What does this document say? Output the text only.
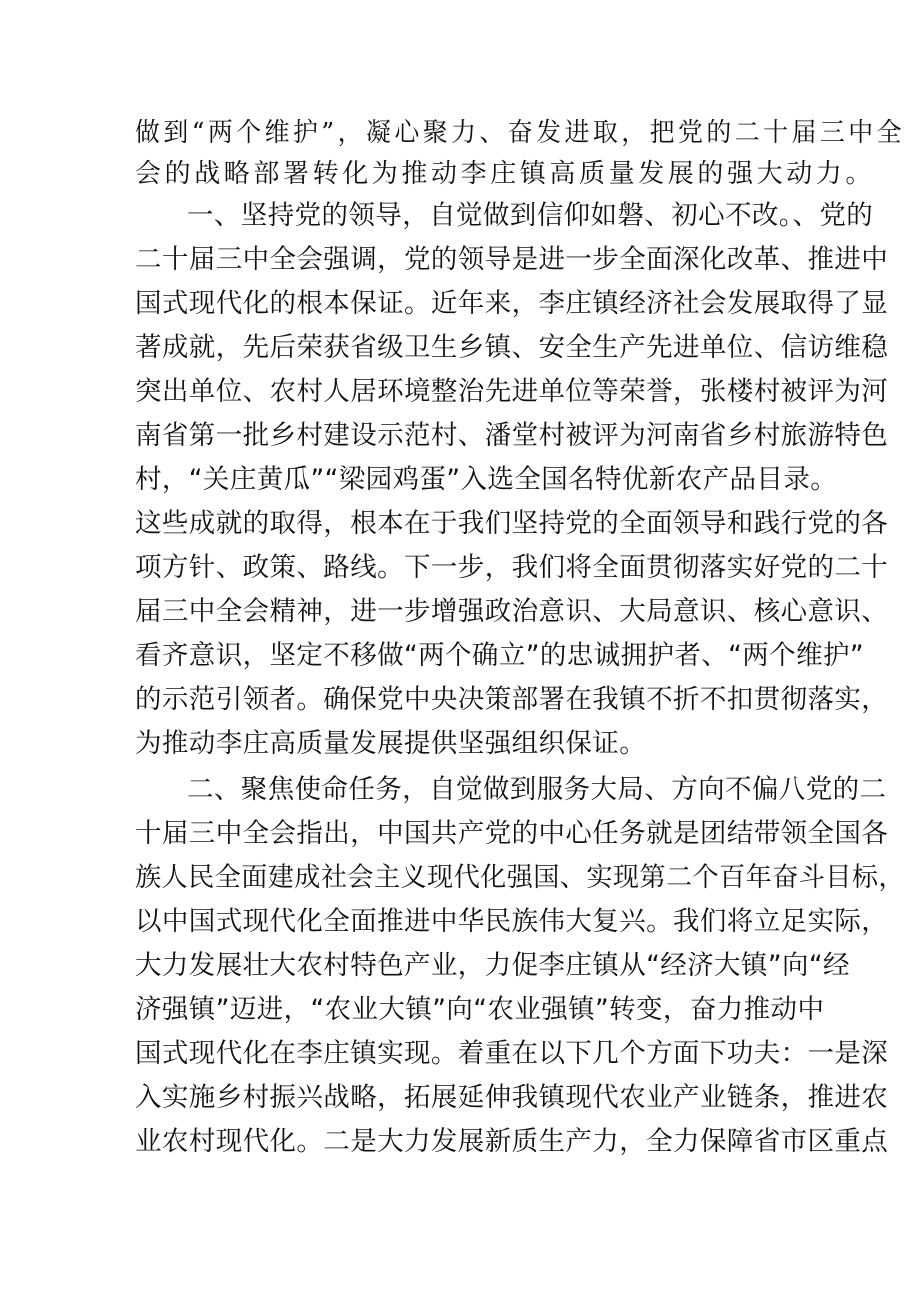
做到“两个维护”，凝心聚力、奋发进取，把党的二十届三中全
会的战略部署转化为推动李庄镇高质量发展的强大动力。
一、坚持党的领导，自觉做到信仰如磐、初心不改。、党的
二十届三中全会强调，党的领导是进一步全面深化改革、推进中
国式现代化的根本保证。近年来，李庄镇经济社会发展取得了显
著成就，先后荣获省级卫生乡镇、安全生产先进单位、信访维稳
突出单位、农村人居环境整治先进单位等荣誉，张楼村被评为河
南省第一批乡村建设示范村、潘堂村被评为河南省乡村旅游特色
村，“关庄黄瓜”“梁园鸡蛋”入选全国名特优新农产品目录。
这些成就的取得，根本在于我们坚持党的全面领导和践行党的各
项方针、政策、路线。下一步，我们将全面贯彻落实好党的二十
届三中全会精神，进一步增强政治意识、大局意识、核心意识、
看齐意识，坚定不移做“两个确立”的忠诚拥护者、“两个维护”
的示范引领者。确保党中央决策部署在我镇不折不扣贯彻落实，
为推动李庄高质量发展提供坚强组织保证。
二、聚焦使命任务，自觉做到服务大局、方向不偏八党的二
十届三中全会指出，中国共产党的中心任务就是团结带领全国各
族人民全面建成社会主义现代化强国、实现第二个百年奋斗目标，
以中国式现代化全面推进中华民族伟大复兴。我们将立足实际，
大力发展壮大农村特色产业，力促李庄镇从“经济大镇”向“经
济强镇”迈进，“农业大镇”向“农业强镇”转变，奋力推动中
国式现代化在李庄镇实现。着重在以下几个方面下功夫：一是深
入实施乡村振兴战略，拓展延伸我镇现代农业产业链条，推进农
业农村现代化。二是大力发展新质生产力，全力保障省市区重点
